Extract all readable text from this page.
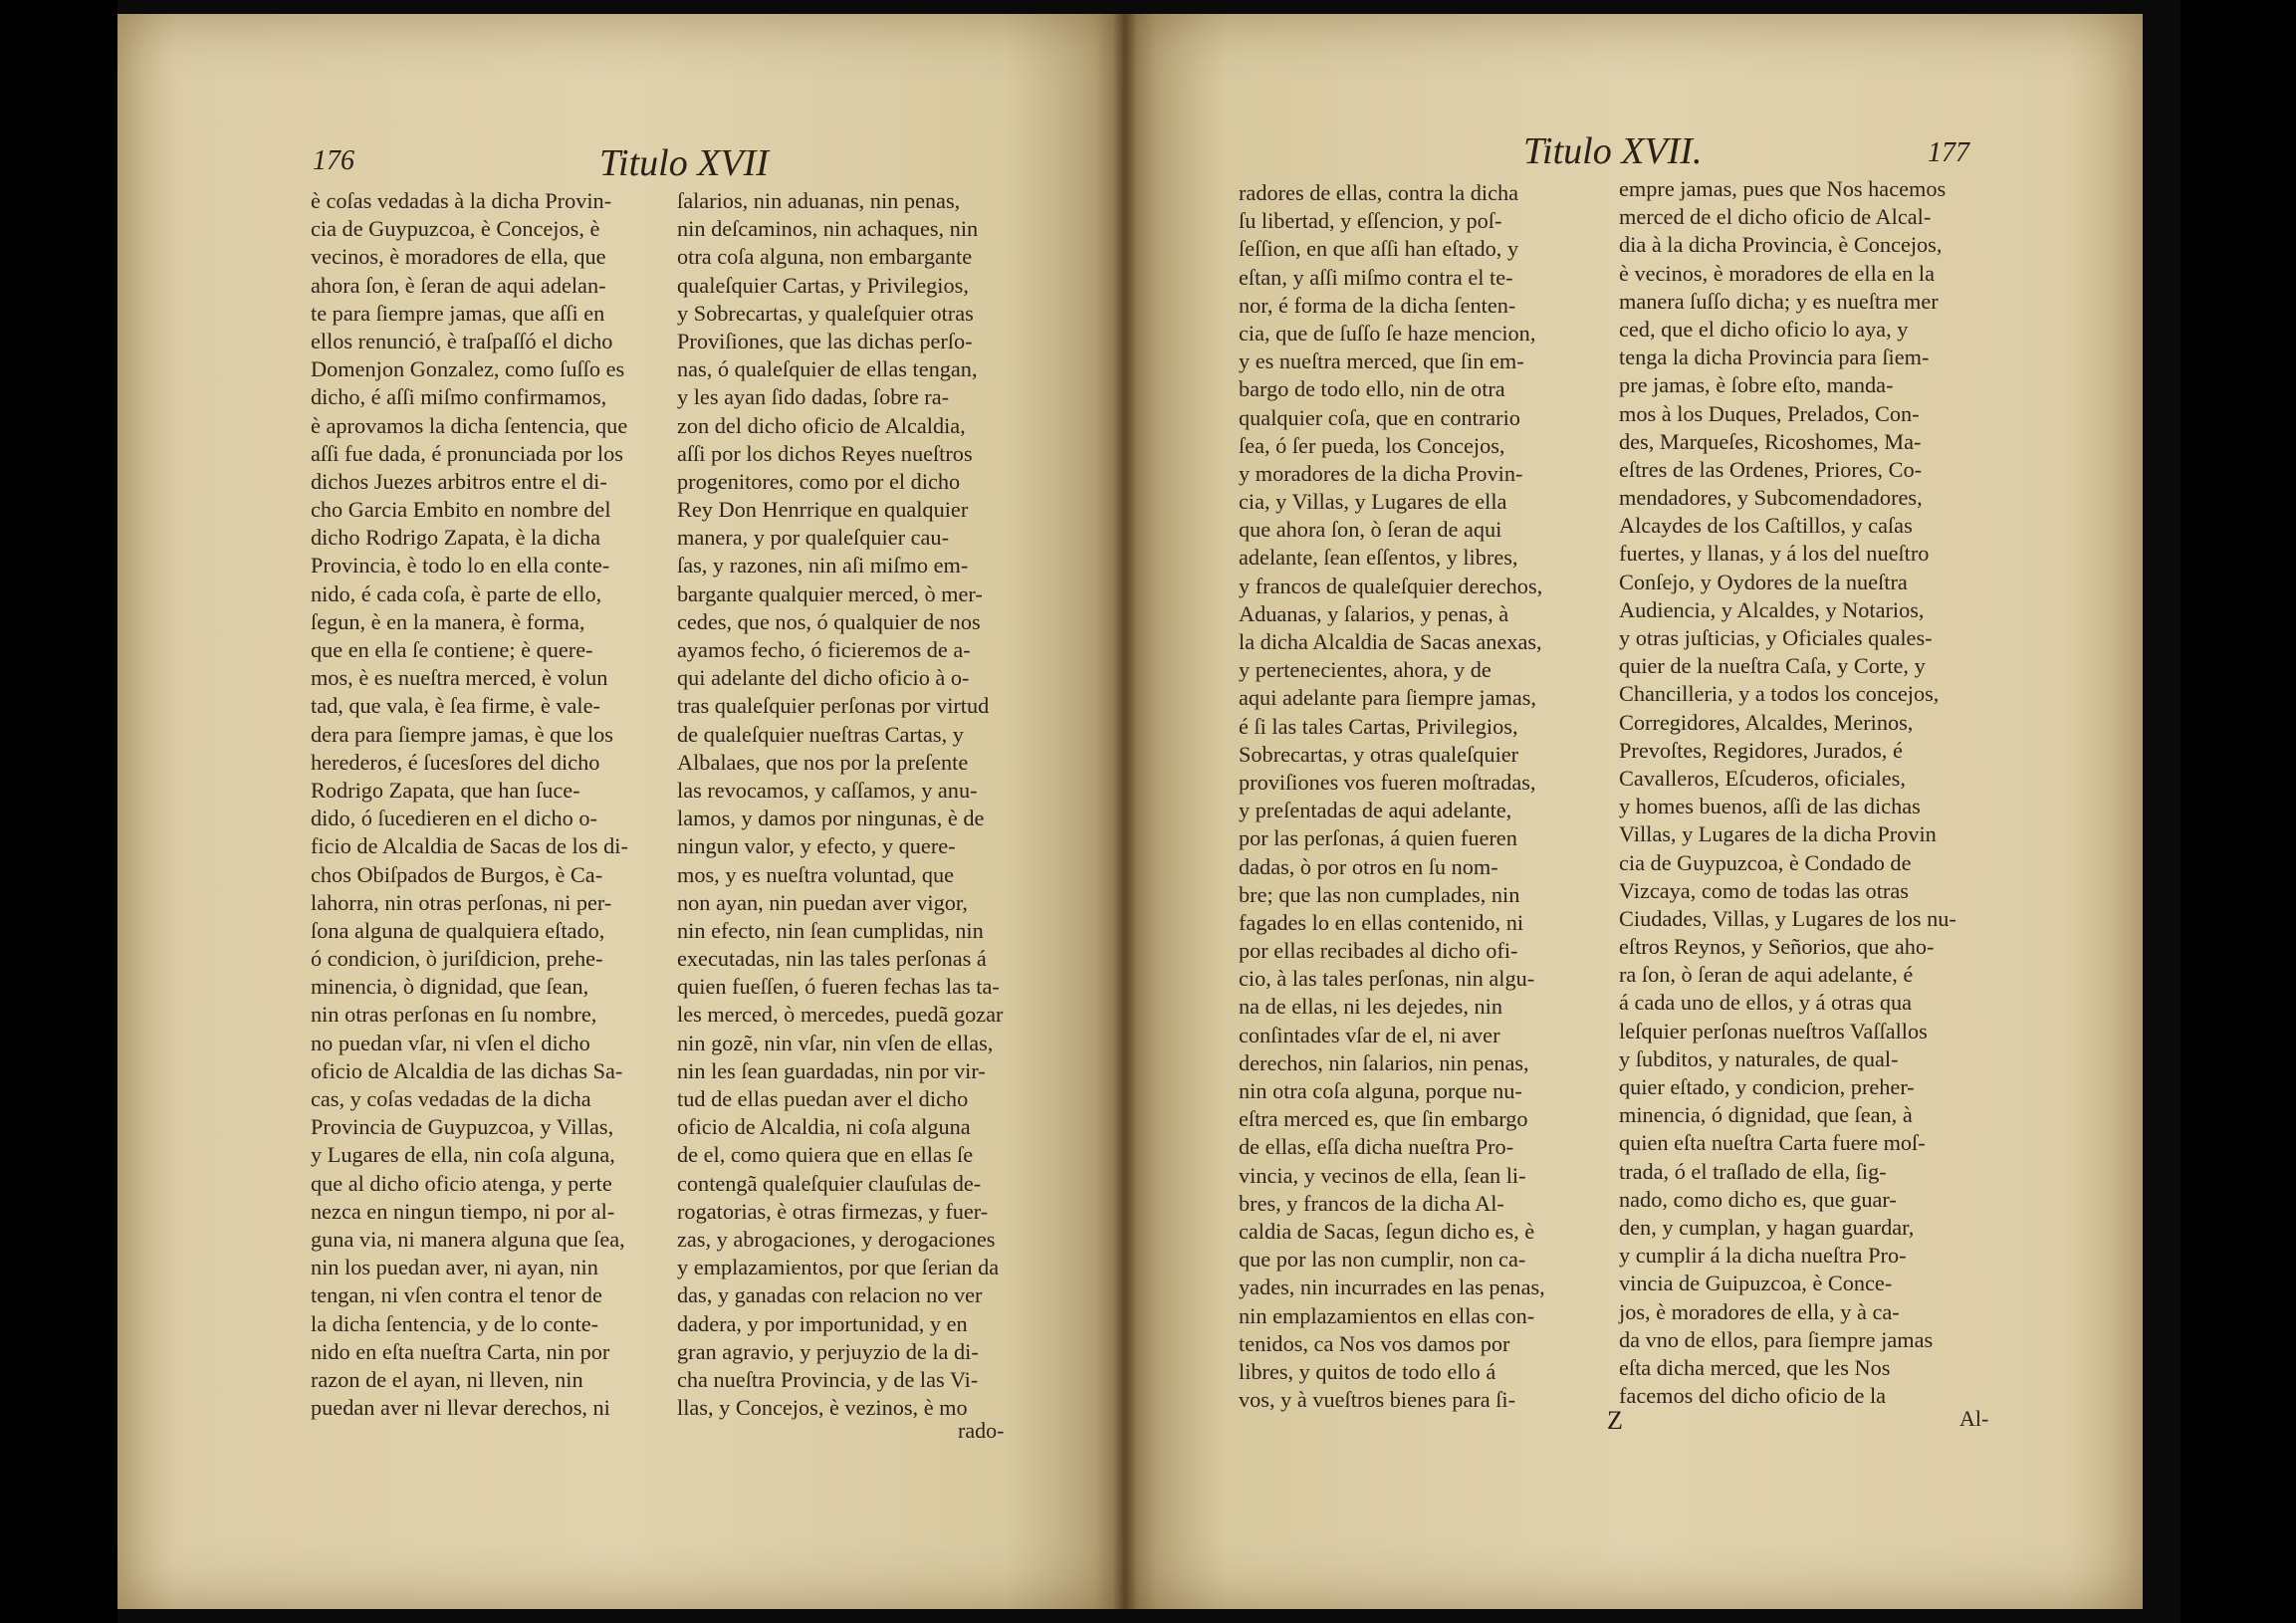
176	Titulo XVII
è coſas vedadas à la dicha Provin-
cia de Guypuzcoa, è Concejos, è
vecinos, è moradores de ella, que
ahora ſon, è ſeran de aqui adelan-
te para ſiempre jamas, que aſſi en
ellos renunció, è traſpaſſó el dicho
Domenjon Gonzalez, como ſuſſo es
dicho, é aſſi miſmo confirmamos,
è aprovamos la dicha ſentencia, que
aſſi fue dada, é pronunciada por los
dichos Juezes arbitros entre el di-
cho Garcia Embito en nombre del
dicho Rodrigo Zapata, è la dicha
Provincia, è todo lo en ella conte-
nido, é cada coſa, è parte de ello,
ſegun, è en la manera, è forma,
que en ella ſe contiene; è quere-
mos, è es nueſtra merced, è volun
tad, que vala, è ſea firme, è vale-
dera para ſiempre jamas, è que los
herederos, é ſucesſores del dicho
Rodrigo Zapata, que han ſuce-
dido, ó ſucedieren en el dicho o-
ficio de Alcaldia de Sacas de los di-
chos Obiſpados de Burgos, è Ca-
lahorra, nin otras perſonas, ni per-
ſona alguna de qualquiera eſtado,
ó condicion, ò juriſdicion, prehe-
minencia, ò dignidad, que ſean,
nin otras perſonas en ſu nombre,
no puedan vſar, ni vſen el dicho
oficio de Alcaldia de las dichas Sa-
cas, y coſas vedadas de la dicha
Provincia de Guypuzcoa, y Villas,
y Lugares de ella, nin coſa alguna,
que al dicho oficio atenga, y perte
nezca en ningun tiempo, ni por al-
guna via, ni manera alguna que ſea,
nin los puedan aver, ni ayan, nin
tengan, ni vſen contra el tenor de
la dicha ſentencia, y de lo conte-
nido en eſta nueſtra Carta, nin por
razon de el ayan, ni lleven, nin
puedan aver ni llevar derechos, ni
ſalarios, nin aduanas, nin penas,
nin deſcaminos, nin achaques, nin
otra coſa alguna, non embargante
qualeſquier Cartas, y Privilegios,
y Sobrecartas, y qualeſquier otras
Proviſiones, que las dichas perſo-
nas, ó qualeſquier de ellas tengan,
y les ayan ſido dadas, ſobre ra-
zon del dicho oficio de Alcaldia,
aſſi por los dichos Reyes nueſtros
progenitores, como por el dicho
Rey Don Henrrique en qualquier
manera, y por qualeſquier cau-
ſas, y razones, nin aſi miſmo em-
bargante qualquier merced, ò mer-
cedes, que nos, ó qualquier de nos
ayamos fecho, ó ficieremos de a-
qui adelante del dicho oficio à o-
tras qualeſquier perſonas por virtud
de qualeſquier nueſtras Cartas, y
Albalaes, que nos por la preſente
las revocamos, y caſſamos, y anu-
lamos, y damos por ningunas, è de
ningun valor, y efecto, y quere-
mos, y es nueſtra voluntad, que
non ayan, nin puedan aver vigor,
nin efecto, nin ſean cumplidas, nin
executadas, nin las tales perſonas á
quien fueſſen, ó fueren fechas las ta-
les merced, ò mercedes, puedã gozar
nin gozẽ, nin vſar, nin vſen de ellas,
nin les ſean guardadas, nin por vir-
tud de ellas puedan aver el dicho
oficio de Alcaldia, ni coſa alguna
de el, como quiera que en ellas ſe
contengã qualeſquier clauſulas de-
rogatorias, è otras firmezas, y fuer-
zas, y abrogaciones, y derogaciones
y emplazamientos, por que ſerian da
das, y ganadas con relacion no ver
dadera, y por importunidad, y en
gran agravio, y perjuyzio de la di-
cha nueſtra Provincia, y de las Vi-
llas, y Concejos, è vezinos, è mo
rado-
Titulo XVII.	177
radores de ellas, contra la dicha
ſu libertad, y eſſencion, y poſ-
ſeſſion, en que aſſi han eſtado, y
eſtan, y aſſi miſmo contra el te-
nor, é forma de la dicha ſenten-
cia, que de ſuſſo ſe haze mencion,
y es nueſtra merced, que ſin em-
bargo de todo ello, nin de otra
qualquier coſa, que en contrario
ſea, ó ſer pueda, los Concejos,
y moradores de la dicha Provin-
cia, y Villas, y Lugares de ella
que ahora ſon, ò ſeran de aqui
adelante, ſean eſſentos, y libres,
y francos de qualeſquier derechos,
Aduanas, y ſalarios, y penas, à
la dicha Alcaldia de Sacas anexas,
y pertenecientes, ahora, y de
aqui adelante para ſiempre jamas,
é ſi las tales Cartas, Privilegios,
Sobrecartas, y otras qualeſquier
proviſiones vos fueren moſtradas,
y preſentadas de aqui adelante,
por las perſonas, á quien fueren
dadas, ò por otros en ſu nom-
bre; que las non cumplades, nin
fagades lo en ellas contenido, ni
por ellas recibades al dicho ofi-
cio, à las tales perſonas, nin algu-
na de ellas, ni les dejedes, nin
conſintades vſar de el, ni aver
derechos, nin ſalarios, nin penas,
nin otra coſa alguna, porque nu-
eſtra merced es, que ſin embargo
de ellas, eſſa dicha nueſtra Pro-
vincia, y vecinos de ella, ſean li-
bres, y francos de la dicha Al-
caldia de Sacas, ſegun dicho es, è
que por las non cumplir, non ca-
yades, nin incurrades en las penas,
nin emplazamientos en ellas con-
tenidos, ca Nos vos damos por
libres, y quitos de todo ello á
vos, y à vueſtros bienes para ſi-
empre jamas, pues que Nos hacemos
merced de el dicho oficio de Alcal-
dia à la dicha Provincia, è Concejos,
è vecinos, è moradores de ella en la
manera ſuſſo dicha; y es nueſtra mer
ced, que el dicho oficio lo aya, y
tenga la dicha Provincia para ſiem-
pre jamas, è ſobre eſto, manda-
mos à los Duques, Prelados, Con-
des, Marqueſes, Ricoshomes, Ma-
eſtres de las Ordenes, Priores, Co-
mendadores, y Subcomendadores,
Alcaydes de los Caſtillos, y caſas
fuertes, y llanas, y á los del nueſtro
Conſejo, y Oydores de la nueſtra
Audiencia, y Alcaldes, y Notarios,
y otras juſticias, y Oficiales quales-
quier de la nueſtra Caſa, y Corte, y
Chancilleria, y a todos los concejos,
Corregidores, Alcaldes, Merinos,
Prevoſtes, Regidores, Jurados, é
Cavalleros, Eſcuderos, oficiales,
y homes buenos, aſſi de las dichas
Villas, y Lugares de la dicha Provin
cia de Guypuzcoa, è Condado de
Vizcaya, como de todas las otras
Ciudades, Villas, y Lugares de los nu-
eſtros Reynos, y Señorios, que aho-
ra ſon, ò ſeran de aqui adelante, é
á cada uno de ellos, y á otras qua
leſquier perſonas nueſtros Vaſſallos
y ſubditos, y naturales, de qual-
quier eſtado, y condicion, preher-
minencia, ó dignidad, que ſean, à
quien eſta nueſtra Carta fuere moſ-
trada, ó el traſlado de ella, ſig-
nado, como dicho es, que guar-
den, y cumplan, y hagan guardar,
y cumplir á la dicha nueſtra Pro-
vincia de Guipuzcoa, è Conce-
jos, è moradores de ella, y à ca-
da vno de ellos, para ſiempre jamas
eſta dicha merced, que les Nos
facemos del dicho oficio de la
Z	Al-
